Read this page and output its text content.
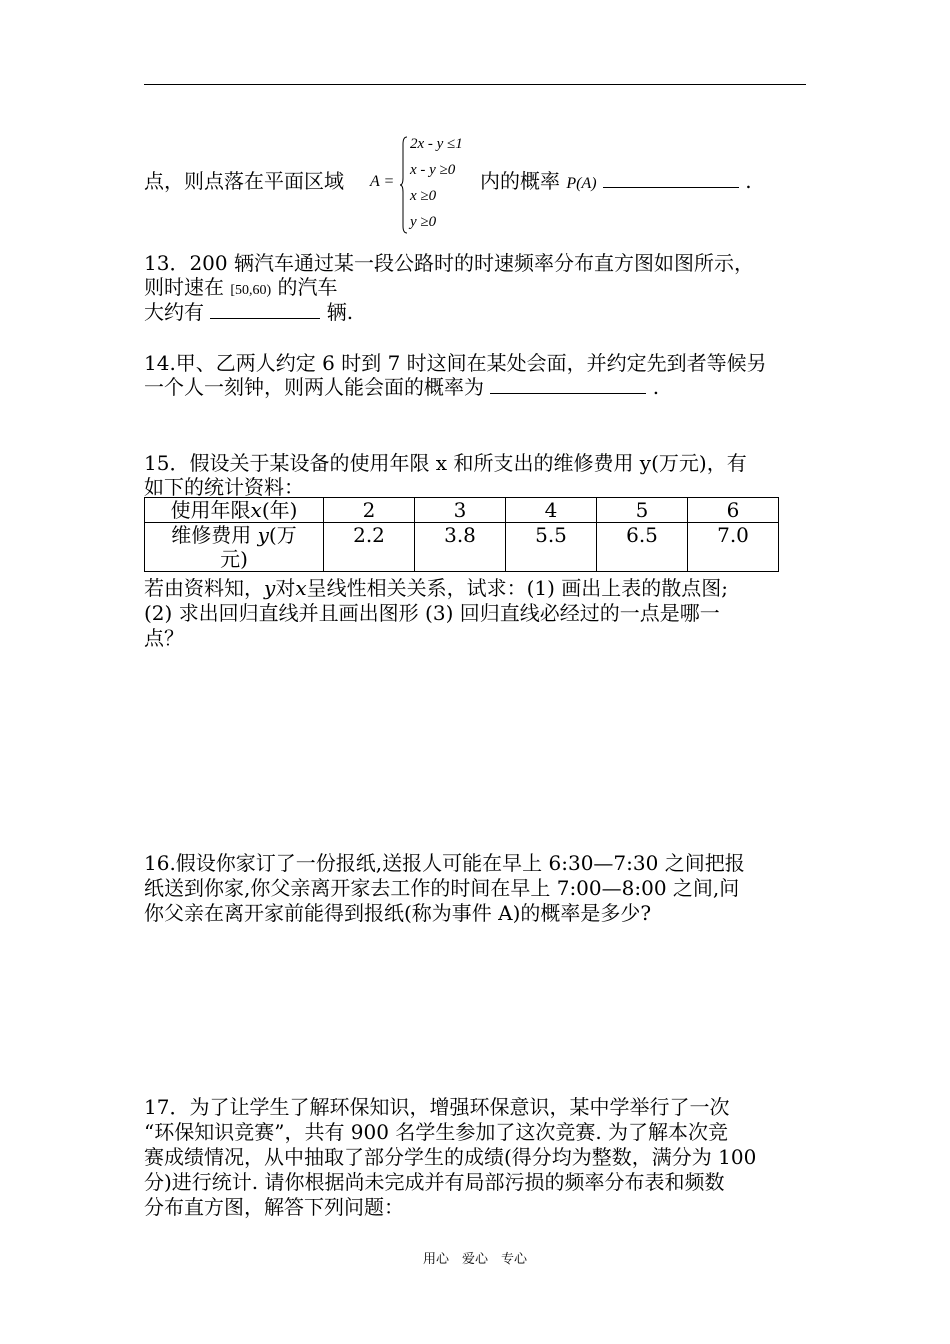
点，则点落在平面区域 A =
2x - y ≤1
x - y ≥0
x ≥0
y ≥0
内的概率 P(A)	.
13．200 辆汽车通过某一段公路时的时速频率分布直方图如图所示，
则时速在 [50,60) 的汽车
大约有	辆.
14.甲、乙两人约定 6 时到 7 时这间在某处会面，并约定先到者等候另
一个人一刻钟，则两人能会面的概率为	.
15．假设关于某设备的使用年限 x 和所支出的维修费用 y(万元)，有
如下的统计资料：
使用年限x(年)	2	3	4	5	6
维修费用 y(万
元)	2.2	3.8	5.5	6.5	7.0
若由资料知，y对x呈线性相关关系，试求：(1) 画出上表的散点图;
(2) 求出回归直线并且画出图形 (3) 回归直线必经过的一点是哪一
点？
16.假设你家订了一份报纸,送报人可能在早上 6:30—7:30 之间把报
纸送到你家,你父亲离开家去工作的时间在早上 7:00—8:00 之间,问
你父亲在离开家前能得到报纸(称为事件 A)的概率是多少?
17．为了让学生了解环保知识，增强环保意识，某中学举行了一次
“环保知识竞赛”，共有 900 名学生参加了这次竞赛. 为了解本次竞
赛成绩情况，从中抽取了部分学生的成绩(得分均为整数，满分为 100
分)进行统计. 请你根据尚未完成并有局部污损的频率分布表和频数
分布直方图，解答下列问题：
用心　爱心　专心
